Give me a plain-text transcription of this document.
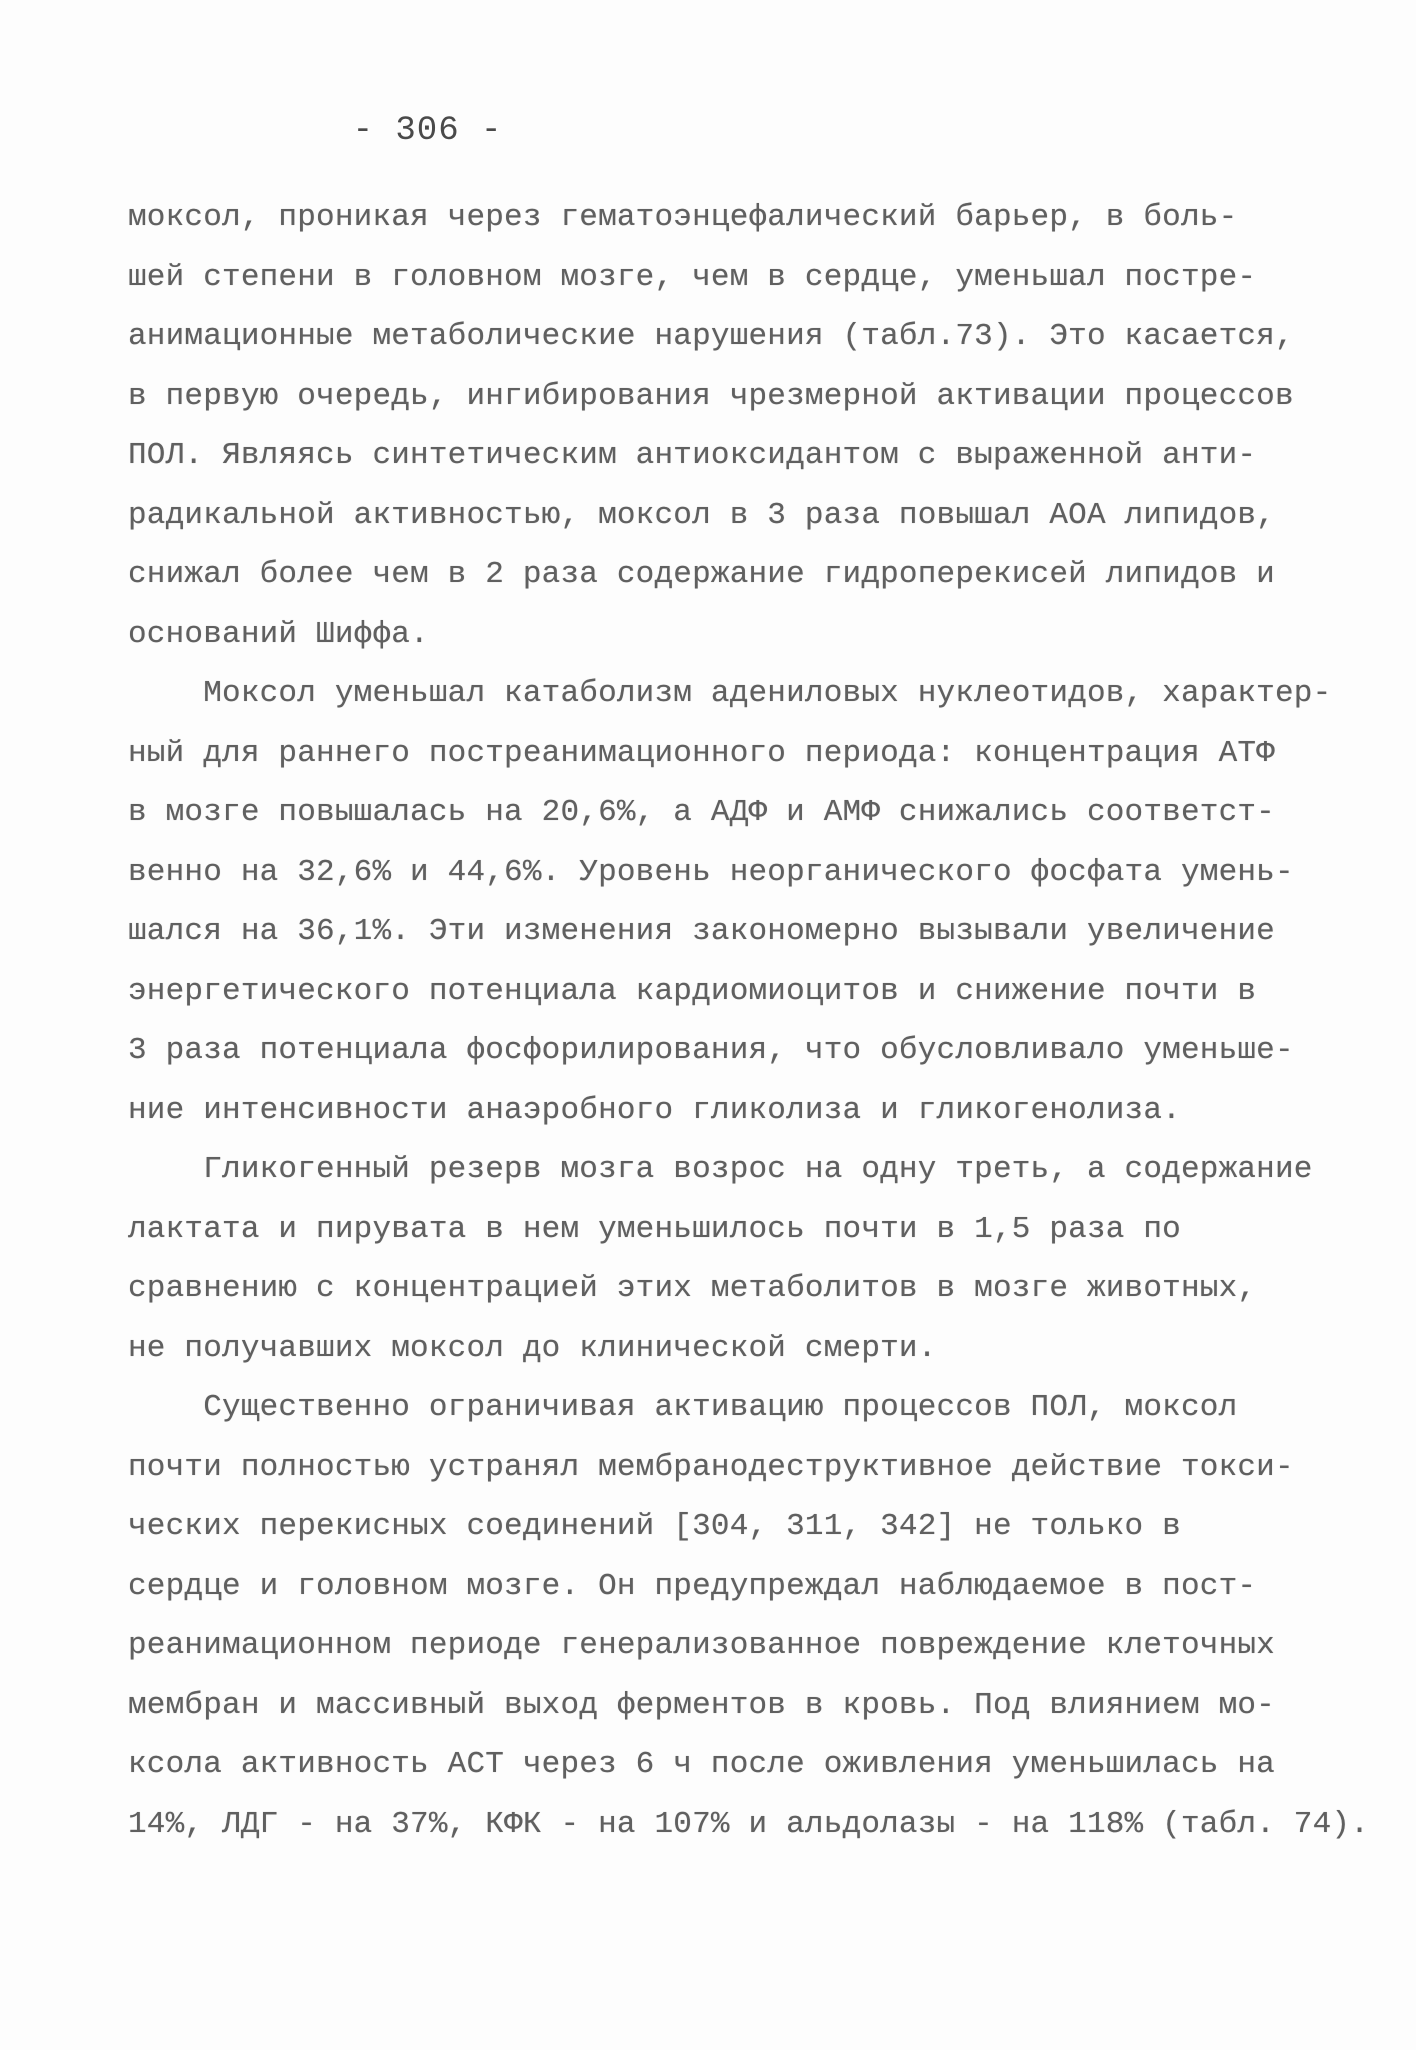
- 306 -
моксол, проникая через гематоэнцефалический барьер, в боль-
шей степени в головном мозге, чем в сердце, уменьшал постре-
анимационные метаболические нарушения (табл.73). Это касается,
в первую очередь, ингибирования чрезмерной активации процессов
ПОЛ. Являясь синтетическим антиоксидантом с выраженной анти-
радикальной активностью, моксол в 3 раза повышал АОА липидов,
снижал более чем в 2 раза содержание гидроперекисей липидов и
оснований Шиффа.
Моксол уменьшал катаболизм адениловых нуклеотидов, характер-
ный для раннего постреанимационного периода: концентрация АТФ
в мозге повышалась на 20,6%, а АДФ и АМФ снижались соответст-
венно на 32,6% и 44,6%. Уровень неорганического фосфата умень-
шался на 36,1%. Эти изменения закономерно вызывали увеличение
энергетического потенциала кардиомиоцитов и снижение почти в
3 раза потенциала фосфорилирования, что обусловливало уменьше-
ние интенсивности анаэробного гликолиза и гликогенолиза.
Гликогенный резерв мозга возрос на одну треть, а содержание
лактата и пирувата в нем уменьшилось почти в 1,5 раза по
сравнению с концентрацией этих метаболитов в мозге животных,
не получавших моксол до клинической смерти.
Существенно ограничивая активацию процессов ПОЛ, моксол
почти полностью устранял мембранодеструктивное действие токси-
ческих перекисных соединений [304, 311, 342] не только в
сердце и головном мозге. Он предупреждал наблюдаемое в пост-
реанимационном периоде генерализованное повреждение клеточных
мембран и массивный выход ферментов в кровь. Под влиянием мо-
ксола активность АСТ через 6 ч после оживления уменьшилась на
14%, ЛДГ - на 37%, КФК - на 107% и альдолазы - на 118% (табл. 74).
